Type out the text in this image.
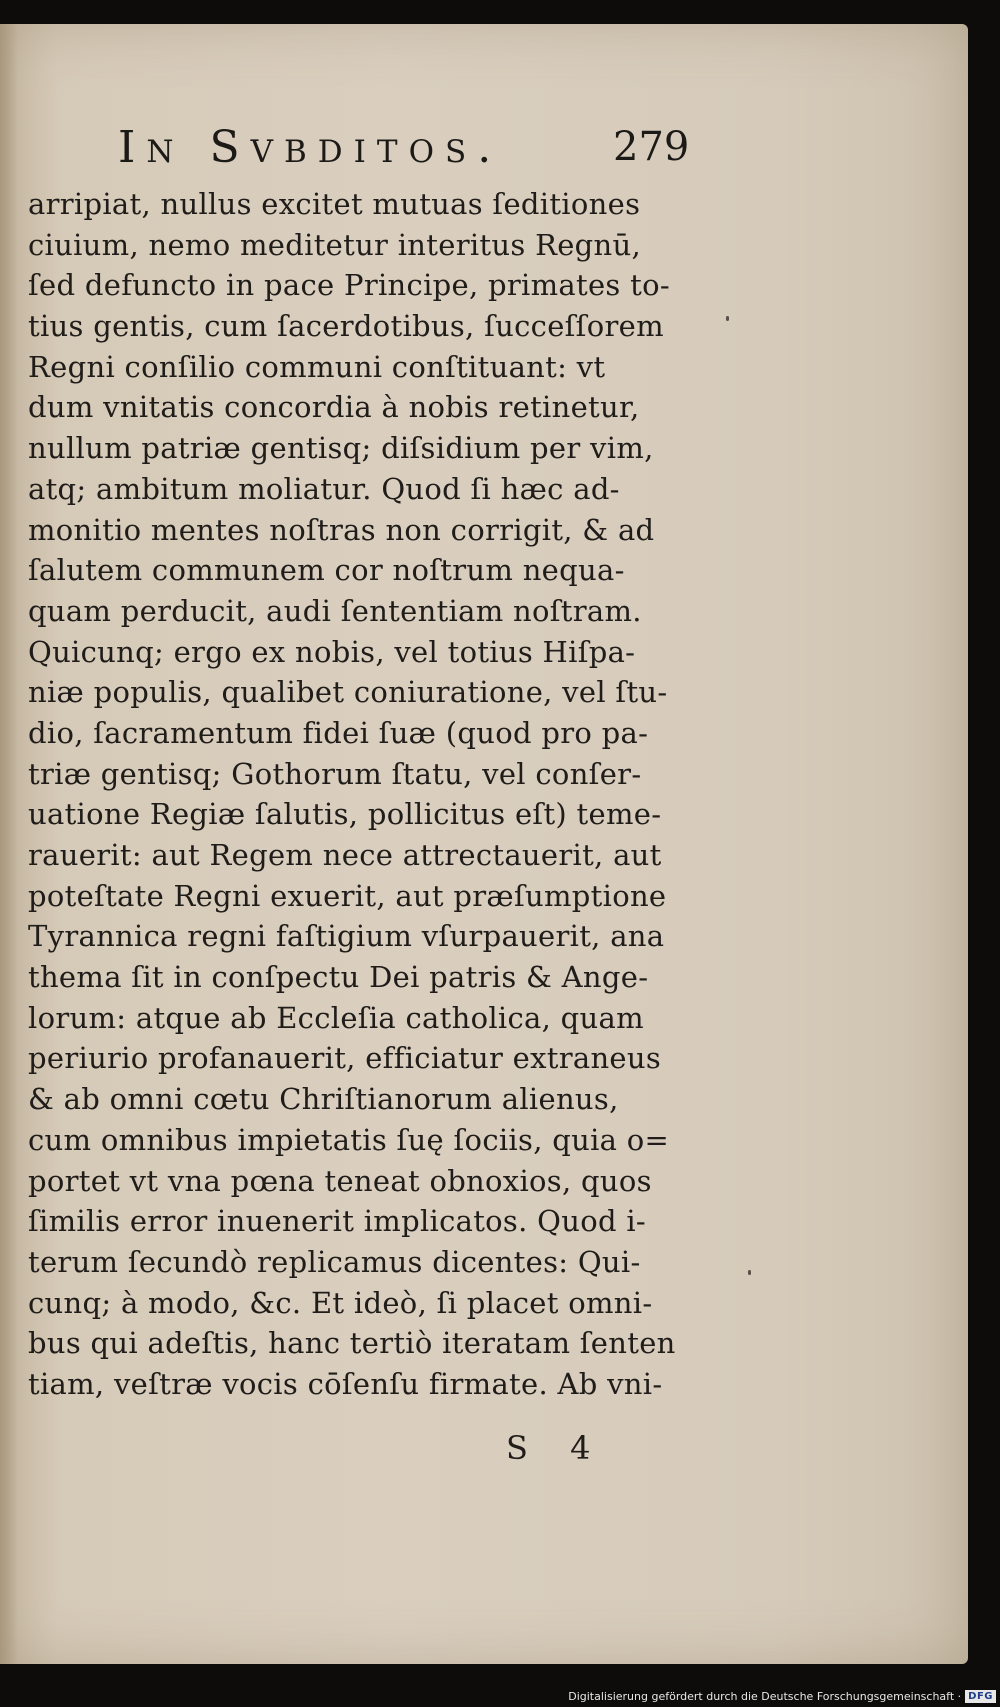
In Svbditos.	279
arripiat, nullus excitet mutuas ſeditiones
ciuium, nemo meditetur interitus Regnū,
ſed defuncto in pace Principe, primates to-
tius gentis, cum ſacerdotibus, ſucceſſorem
Regni conſilio communi conſtituant: vt
dum vnitatis concordia à nobis retinetur,
nullum patriæ gentisq; diſsidium per vim,
atq; ambitum moliatur. Quod ſi hæc ad-
monitio mentes noſtras non corrigit, & ad
ſalutem communem cor noſtrum nequa-
quam perducit, audi ſententiam noſtram.
Quicunq; ergo ex nobis, vel totius Hiſpa-
niæ populis, qualibet coniuratione, vel ſtu-
dio, ſacramentum fidei ſuæ (quod pro pa-
triæ gentisq; Gothorum ſtatu, vel conſer-
uatione Regiæ ſalutis, pollicitus eſt) teme-
rauerit: aut Regem nece attrectauerit, aut
poteſtate Regni exuerit, aut præſumptione
Tyrannica regni faſtigium vſurpauerit, ana
thema ſit in conſpectu Dei patris & Ange-
lorum: atque ab Eccleſia catholica, quam
periurio profanauerit, efficiatur extraneus
& ab omni cœtu Chriſtianorum alienus,
cum omnibus impietatis ſuę ſociis, quia o=
portet vt vna pœna teneat obnoxios, quos
ſimilis error inuenerit implicatos. Quod i-
terum ſecundò replicamus dicentes: Qui-
cunq; à modo, &c. Et ideò, ſi placet omni-
bus qui adeſtis, hanc tertiò iteratam ſenten
tiam, veſtræ vocis cōſenſu firmate. Ab vni-
S 4
Digitalisierung gefördert durch die Deutsche Forschungsgemeinschaft · DFG
